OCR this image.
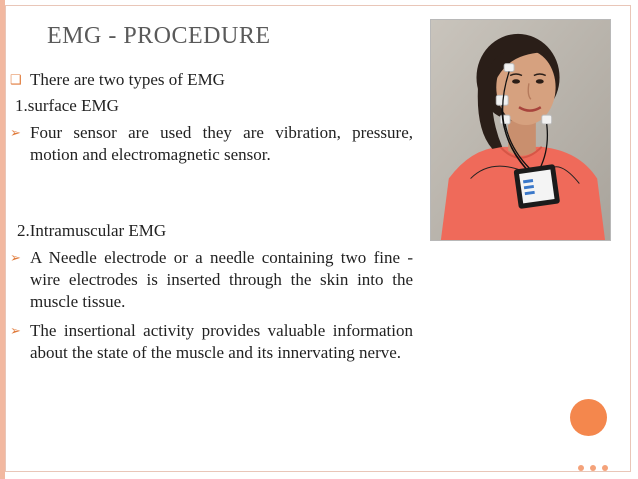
EMG - PROCEDURE
❑ There are two types of EMG
1.surface EMG
➢ Four sensor are used they are vibration, pressure, motion and electromagnetic sensor.
2.Intramuscular EMG
➢ A Needle electrode or a needle containing two fine - wire electrodes is inserted through the skin into the muscle tissue.
➢ The insertional activity provides valuable information about the state of the muscle and its innervating nerve.
